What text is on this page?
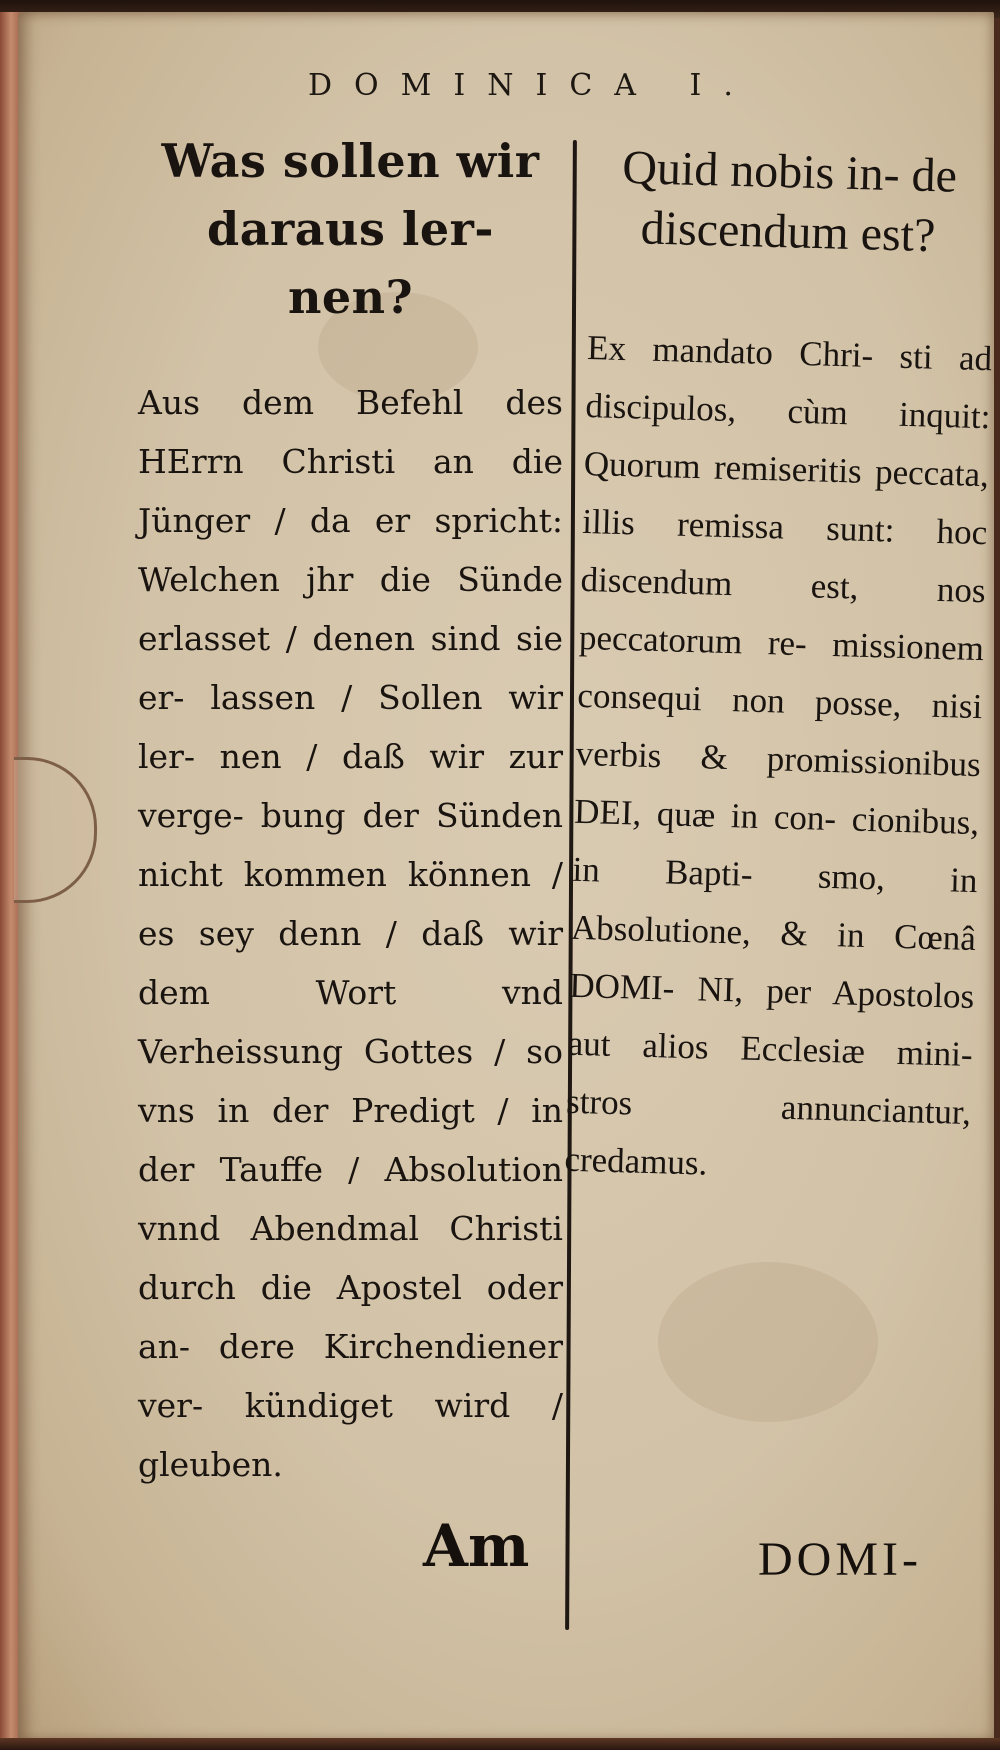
DOMINICA I.

Was sollen wir daraus ler- nen?

Aus dem Befehl des HErrn Christi an die Jünger / da er spricht: Welchen jhr die Sünde erlasset / denen sind sie er- lassen / Sollen wir ler- nen / daß wir zur verge- bung der Sünden nicht kommen können / es sey denn / daß wir dem Wort vnd Verheissung Gottes / so vns in der Predigt / in der Tauffe / Absolution vnnd Abendmal Christi durch die Apostel oder an- dere Kirchendiener ver- kündiget wird / gleuben.

Quid nobis in- de discendum est?

Ex mandato Chri- sti ad discipulos, cùm inquit: Quorum remiseritis peccata, illis remissa sunt: hoc discendum est, nos peccatorum re- missionem consequi non posse, nisi verbis & promissionibus DEI, quæ in con- cionibus, in Bapti- smo, in Absolutione, & in Cœnâ DOMI- NI, per Apostolos aut alios Ecclesiæ mini- stros annunciantur, credamus.
Am	DOMI-
